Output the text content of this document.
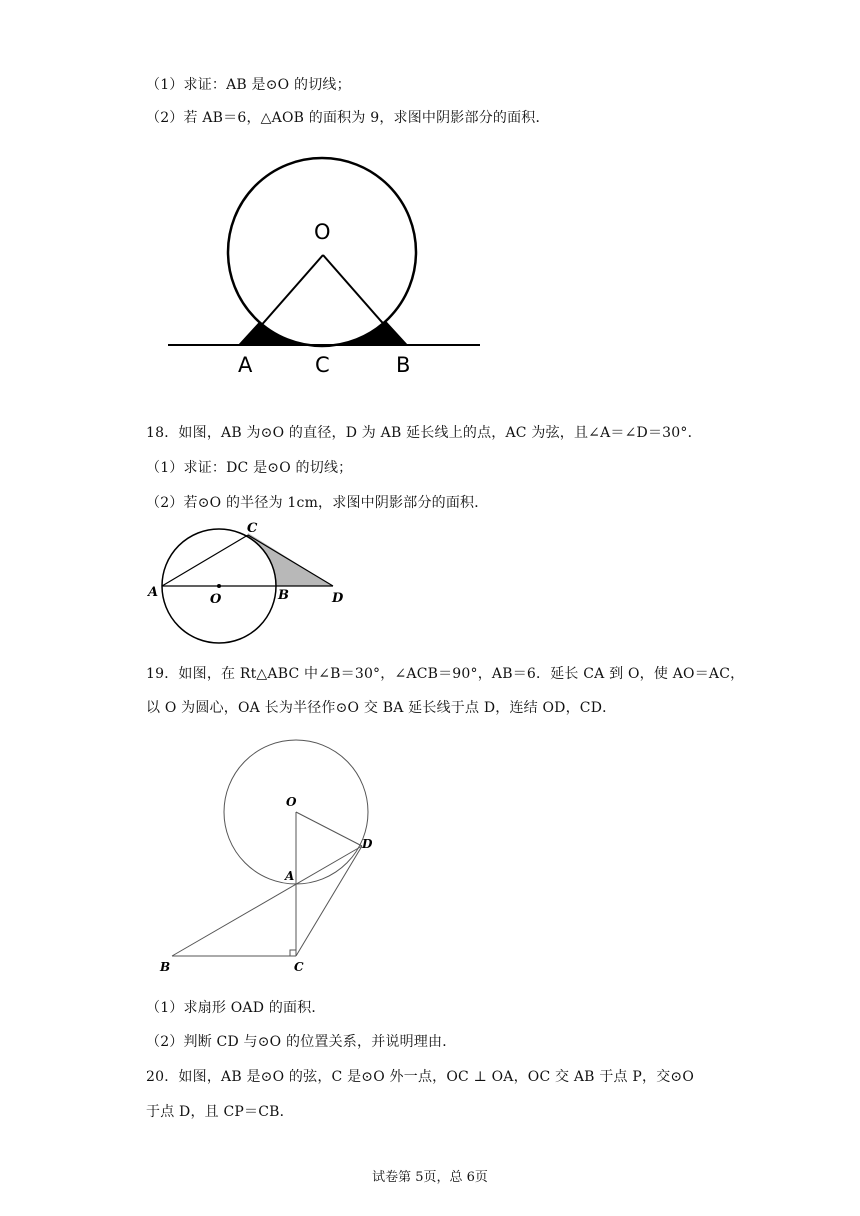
（1）求证：AB 是⊙O 的切线；
（2）若 AB＝6，△AOB 的面积为 9，求图中阴影部分的面积．
O
A	C	B
18．如图，AB 为⊙O 的直径，D 为 AB 延长线上的点，AC 为弦，且∠A＝∠D＝30°．
（1）求证：DC 是⊙O 的切线；
（2）若⊙O 的半径为 1cm，求图中阴影部分的面积．
A	O	B	D
C
19．如图，在 Rt△ABC 中∠B＝30°，∠ACB＝90°，AB＝6．延长 CA 到 O，使 AO＝AC，
以 O 为圆心，OA 长为半径作⊙O 交 BA 延长线于点 D，连结 OD，CD．
O
D
A
B	C
（1）求扇形 OAD 的面积．
（2）判断 CD 与⊙O 的位置关系，并说明理由．
20．如图，AB 是⊙O 的弦，C 是⊙O 外一点，OC ⊥ OA，OC 交 AB 于点 P，交⊙O
于点 D，且 CP＝CB．
试卷第 5页，总 6页
